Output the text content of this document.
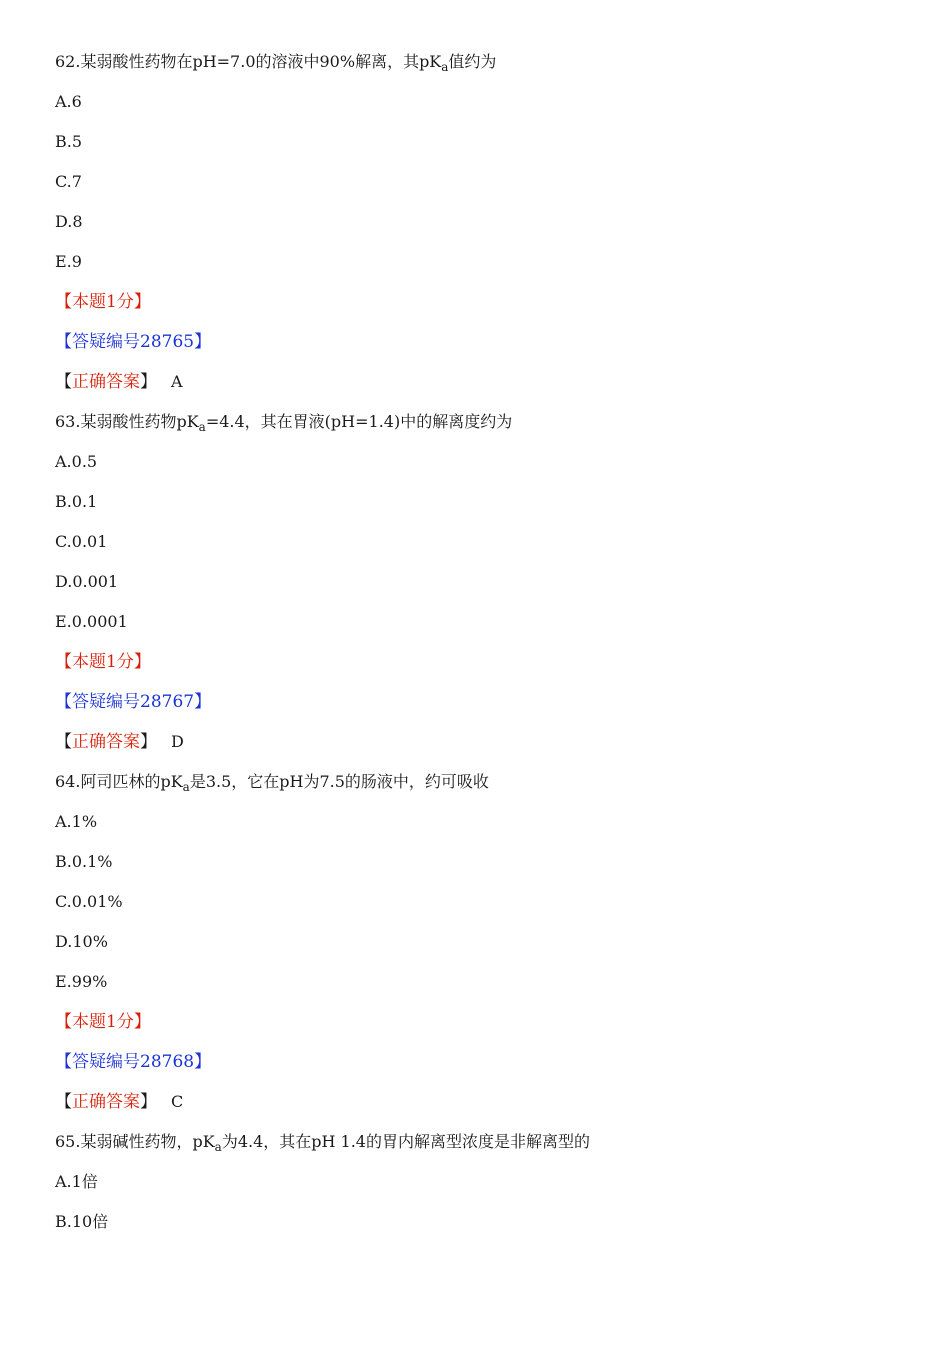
62.某弱酸性药物在pH=7.0的溶液中90%解离，其$pK_a$值约为
A.6
B.5
C.7
D.8
E.9
【本题1分】
【答疑编号28765】
【正确答案】 A
63.某弱酸性药物$pK_a=4.4$，其在胃液(pH=1.4)中的解离度约为
A.0.5
B.0.1
C.0.01
D.0.001
E.0.0001
【本题1分】
【答疑编号28767】
【正确答案】 D
64.阿司匹林的$pK_a$是3.5，它在pH为7.5的肠液中，约可吸收
A.1%
B.0.1%
C.0.01%
D.10%
E.99%
【本题1分】
【答疑编号28768】
【正确答案】 C
65.某弱碱性药物，$pK_a$为4.4，其在pH 1.4的胃内解离型浓度是非解离型的
A.1倍
B.10倍
